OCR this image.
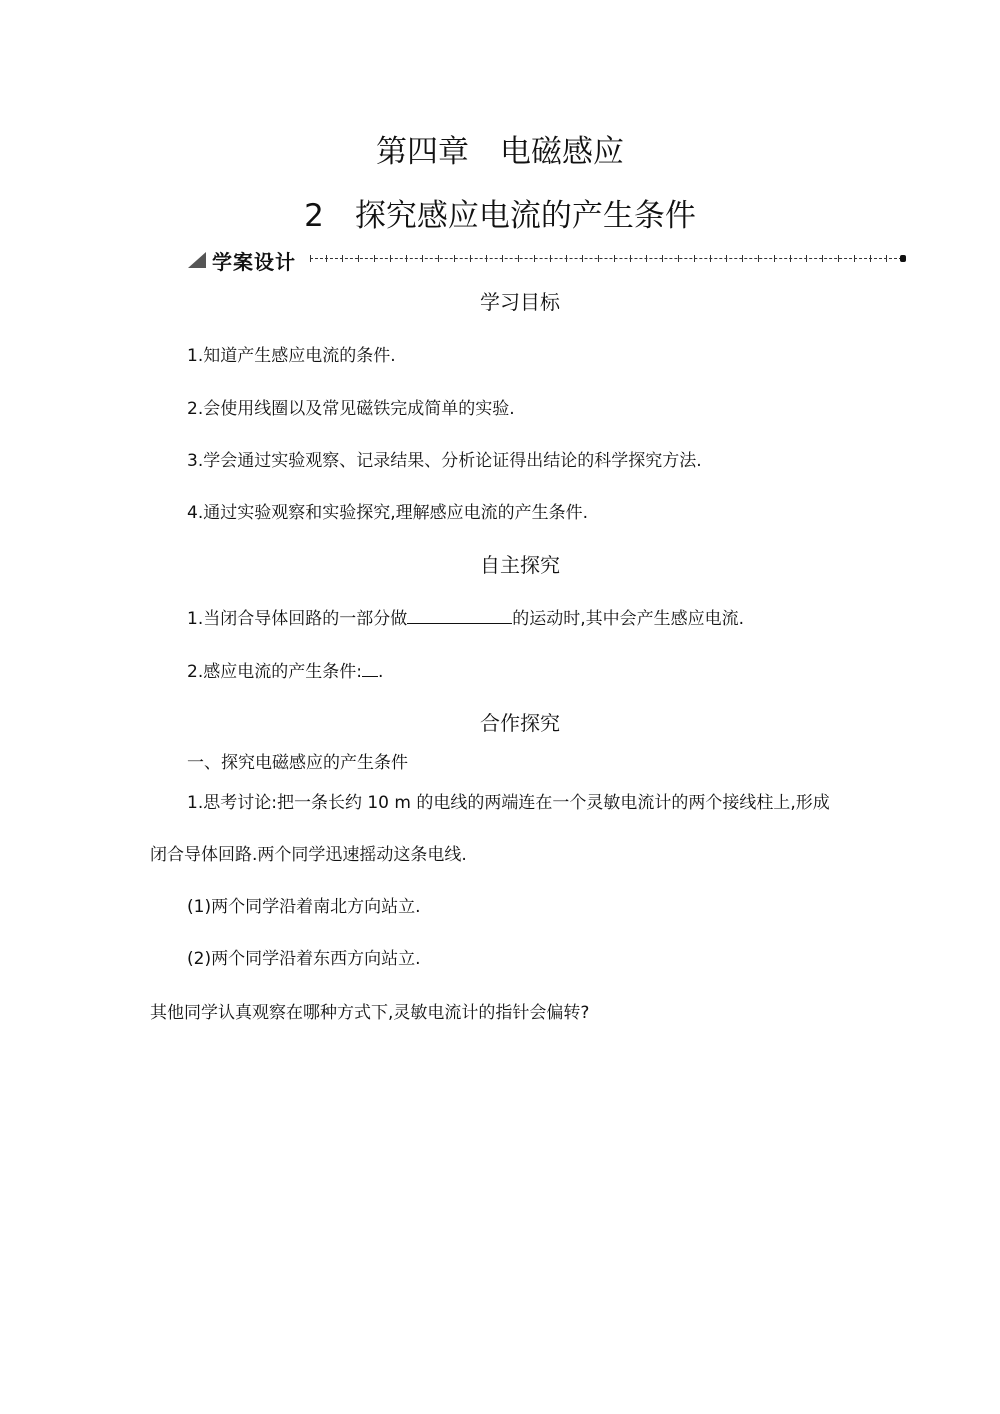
第四章　电磁感应
2　探究感应电流的产生条件
学案设计
学习目标
1.知道产生感应电流的条件.
2.会使用线圈以及常见磁铁完成简单的实验.
3.学会通过实验观察、记录结果、分析论证得出结论的科学探究方法.
4.通过实验观察和实验探究,理解感应电流的产生条件.
自主探究
1.当闭合导体回路的一部分做	的运动时,其中会产生感应电流.
2.感应电流的产生条件: .
合作探究
一、探究电磁感应的产生条件
1.思考讨论:把一条长约 10 m 的电线的两端连在一个灵敏电流计的两个接线柱上,形成
闭合导体回路.两个同学迅速摇动这条电线.
(1)两个同学沿着南北方向站立.
(2)两个同学沿着东西方向站立.
其他同学认真观察在哪种方式下,灵敏电流计的指针会偏转?
